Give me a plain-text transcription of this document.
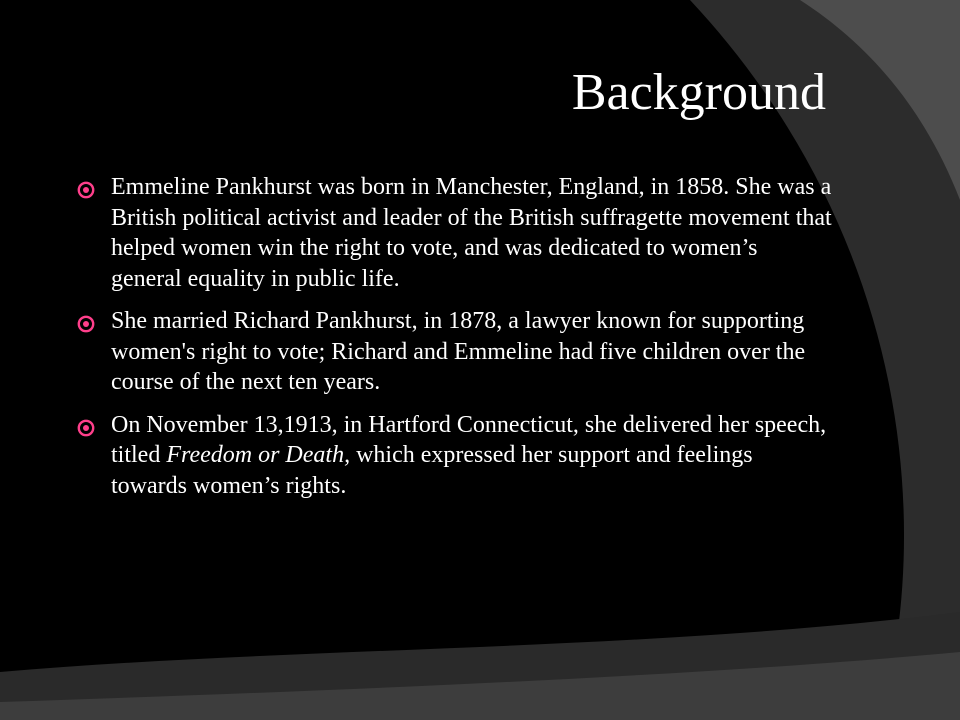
Background
Emmeline Pankhurst was born in Manchester, England, in 1858. She was a British political activist and leader of the British suffragette movement that helped women win the right to vote, and was dedicated to women’s general equality in public life.
She married Richard Pankhurst, in 1878, a lawyer known for supporting women's right to vote; Richard and Emmeline had five children over the course of the next ten years.
On November 13,1913, in Hartford Connecticut, she delivered her speech, titled Freedom or Death, which expressed her support and feelings towards women’s rights.
